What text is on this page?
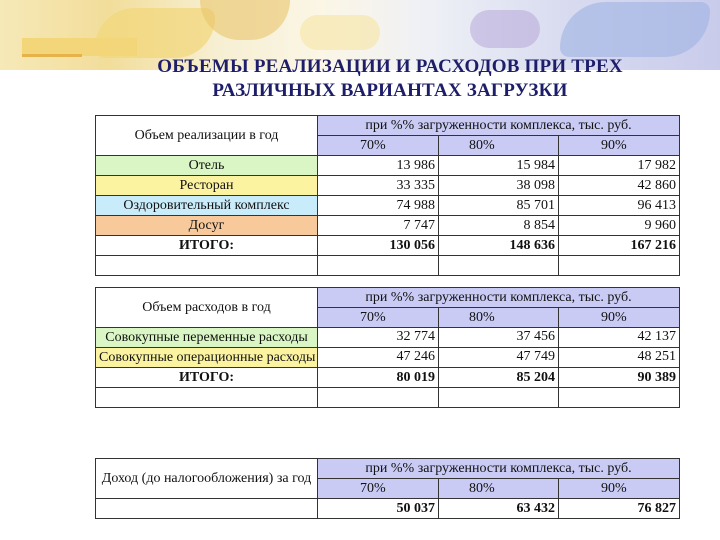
ОБЪЕМЫ РЕАЛИЗАЦИИ И РАСХОДОВ ПРИ ТРЕХ
РАЗЛИЧНЫХ ВАРИАНТАХ ЗАГРУЗКИ
Объем реализации в год	при %% загруженности комплекса, тыс. руб.		
	70%	80%	90%
Отель	13 986	15 984	17 982
Ресторан	33 335	38 098	42 860
Оздоровительный комплекс	74 988	85 701	96 413
Досуг	7 747	8 854	9 960
ИТОГО:	130 056	148 636	167 216

Объем расходов в год	при %% загруженности комплекса, тыс. руб.		
	70%	80%	90%
Совокупные переменные расходы	32 774	37 456	42 137
Совокупные операционные расходы	47 246	47 749	48 251
ИТОГО:	80 019	85 204	90 389

Доход (до налогообложения) за год	при %% загруженности комплекса, тыс. руб.		
	70%	80%	90%
	50 037	63 432	76 827
